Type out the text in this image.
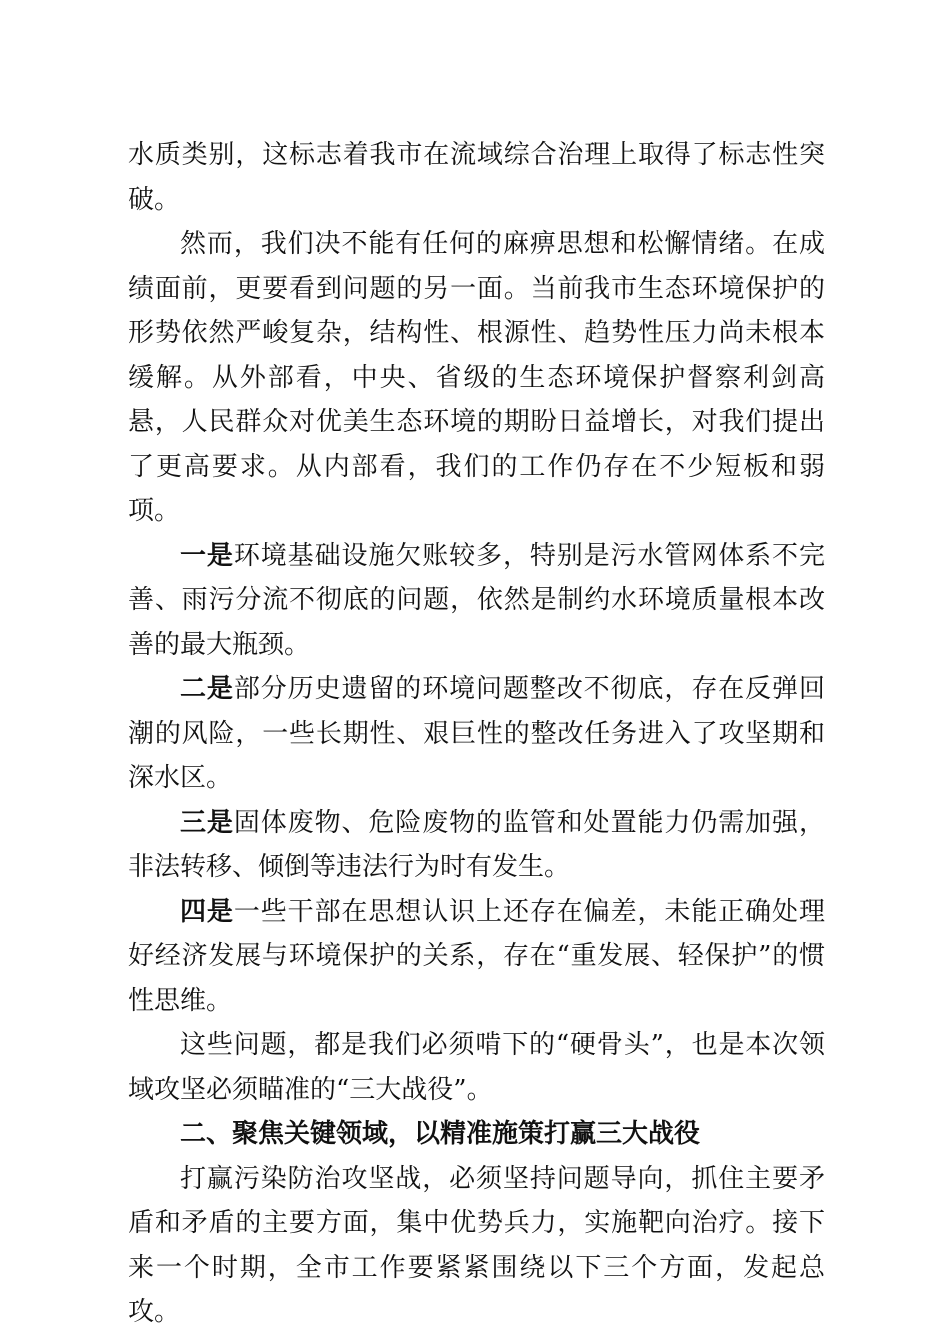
水质类别，这标志着我市在流域综合治理上取得了标志性突破。

然而，我们决不能有任何的麻痹思想和松懈情绪。在成绩面前，更要看到问题的另一面。当前我市生态环境保护的形势依然严峻复杂，结构性、根源性、趋势性压力尚未根本缓解。从外部看，中央、省级的生态环境保护督察利剑高悬，人民群众对优美生态环境的期盼日益增长，对我们提出了更高要求。从内部看，我们的工作仍存在不少短板和弱项。

一是环境基础设施欠账较多，特别是污水管网体系不完善、雨污分流不彻底的问题，依然是制约水环境质量根本改善的最大瓶颈。

二是部分历史遗留的环境问题整改不彻底，存在反弹回潮的风险，一些长期性、艰巨性的整改任务进入了攻坚期和深水区。

三是固体废物、危险废物的监管和处置能力仍需加强，非法转移、倾倒等违法行为时有发生。

四是一些干部在思想认识上还存在偏差，未能正确处理好经济发展与环境保护的关系，存在“重发展、轻保护”的惯性思维。

这些问题，都是我们必须啃下的“硬骨头”，也是本次领域攻坚必须瞄准的“三大战役”。

二、聚焦关键领域，以精准施策打赢三大战役

打赢污染防治攻坚战，必须坚持问题导向，抓住主要矛盾和矛盾的主要方面，集中优势兵力，实施靶向治疗。接下来一个时期，全市工作要紧紧围绕以下三个方面，发起总攻。
